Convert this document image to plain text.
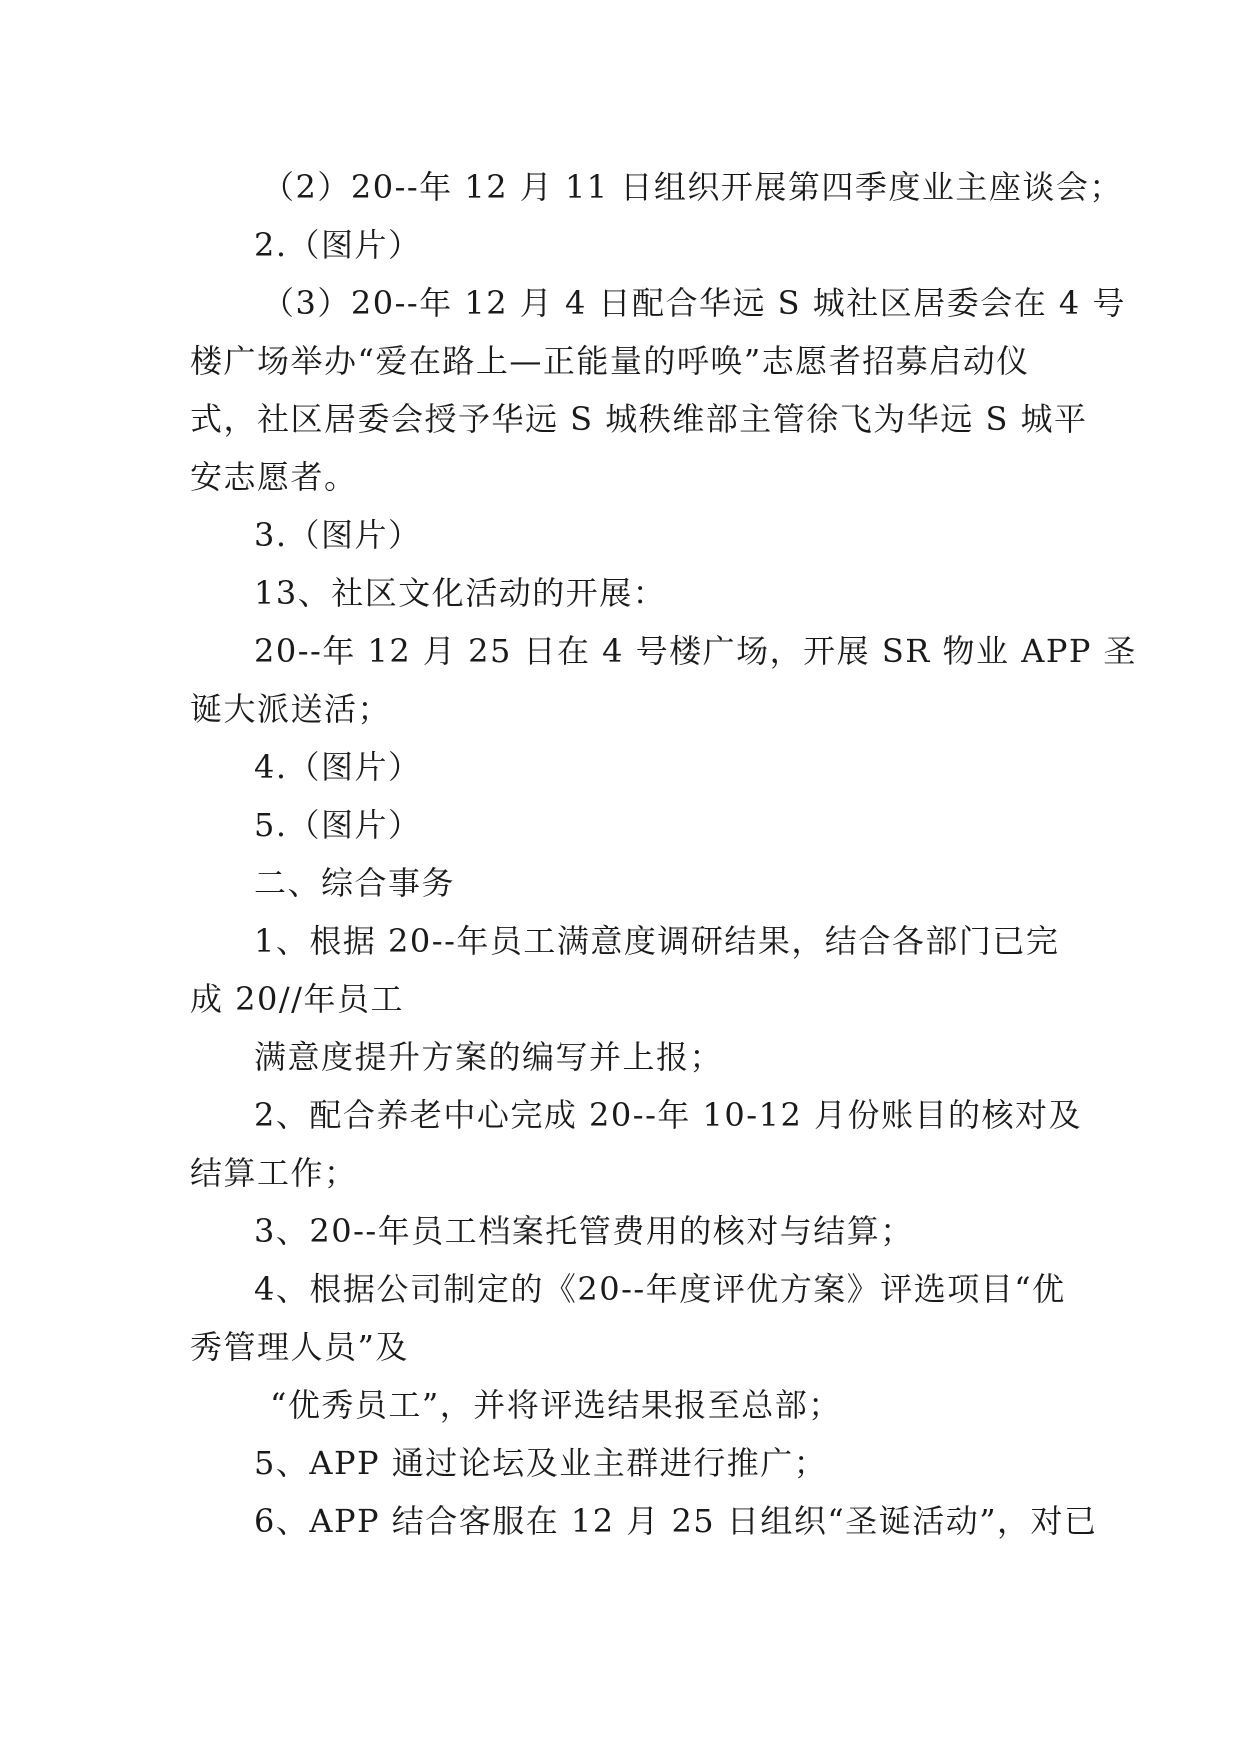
（2）20--年 12 月 11 日组织开展第四季度业主座谈会；
2.（图片）
（3）20--年 12 月 4 日配合华远 S 城社区居委会在 4 号
楼广场举办“爱在路上—正能量的呼唤”志愿者招募启动仪
式，社区居委会授予华远 S 城秩维部主管徐飞为华远 S 城平
安志愿者。
3.（图片）
13、社区文化活动的开展：
20--年 12 月 25 日在 4 号楼广场，开展 SR 物业 APP 圣
诞大派送活；
4.（图片）
5.（图片）
二、综合事务
1、根据 20--年员工满意度调研结果，结合各部门已完
成 20//年员工
满意度提升方案的编写并上报；
2、配合养老中心完成 20--年 10-12 月份账目的核对及
结算工作；
3、20--年员工档案托管费用的核对与结算；
4、根据公司制定的《20--年度评优方案》评选项目“优
秀管理人员”及
“优秀员工”，并将评选结果报至总部；
5、APP 通过论坛及业主群进行推广；
6、APP 结合客服在 12 月 25 日组织“圣诞活动”，对已
